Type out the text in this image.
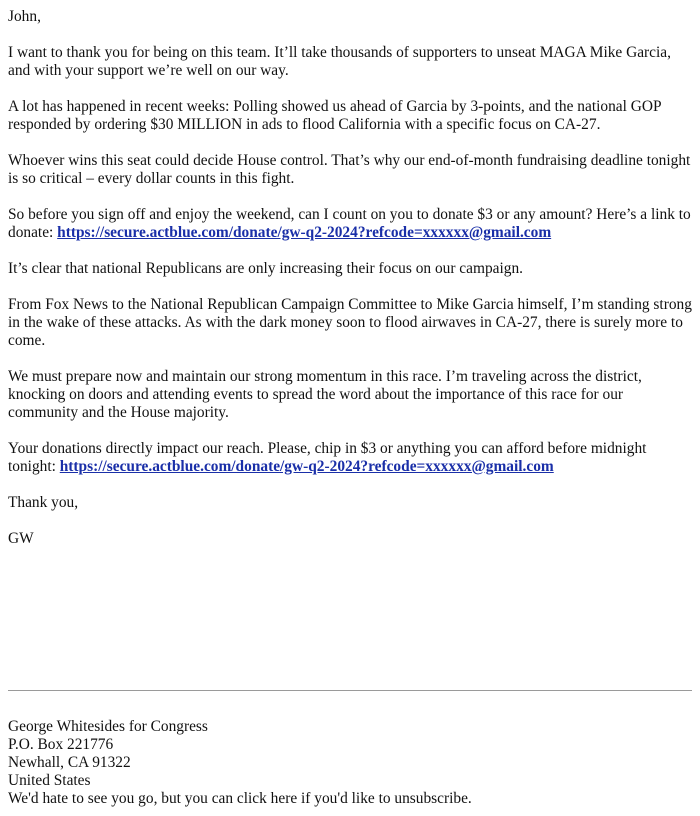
John,

I want to thank you for being on this team. It’ll take thousands of supporters to unseat MAGA Mike Garcia, and with your support we’re well on our way.

A lot has happened in recent weeks: Polling showed us ahead of Garcia by 3-points, and the national GOP responded by ordering $30 MILLION in ads to flood California with a specific focus on CA-27.

Whoever wins this seat could decide House control. That’s why our end-of-month fundraising deadline tonight is so critical – every dollar counts in this fight.

So before you sign off and enjoy the weekend, can I count on you to donate $3 or any amount? Here’s a link to donate: https://secure.actblue.com/donate/gw-q2-2024?refcode=xxxxxx@gmail.com

It’s clear that national Republicans are only increasing their focus on our campaign.

From Fox News to the National Republican Campaign Committee to Mike Garcia himself, I’m standing strong in the wake of these attacks. As with the dark money soon to flood airwaves in CA-27, there is surely more to come.

We must prepare now and maintain our strong momentum in this race. I’m traveling across the district, knocking on doors and attending events to spread the word about the importance of this race for our community and the House majority.

Your donations directly impact our reach. Please, chip in $3 or anything you can afford before midnight tonight: https://secure.actblue.com/donate/gw-q2-2024?refcode=xxxxxx@gmail.com

Thank you,

GW

George Whitesides for Congress
P.O. Box 221776
Newhall, CA 91322
United States
We'd hate to see you go, but you can click here if you'd like to unsubscribe.
